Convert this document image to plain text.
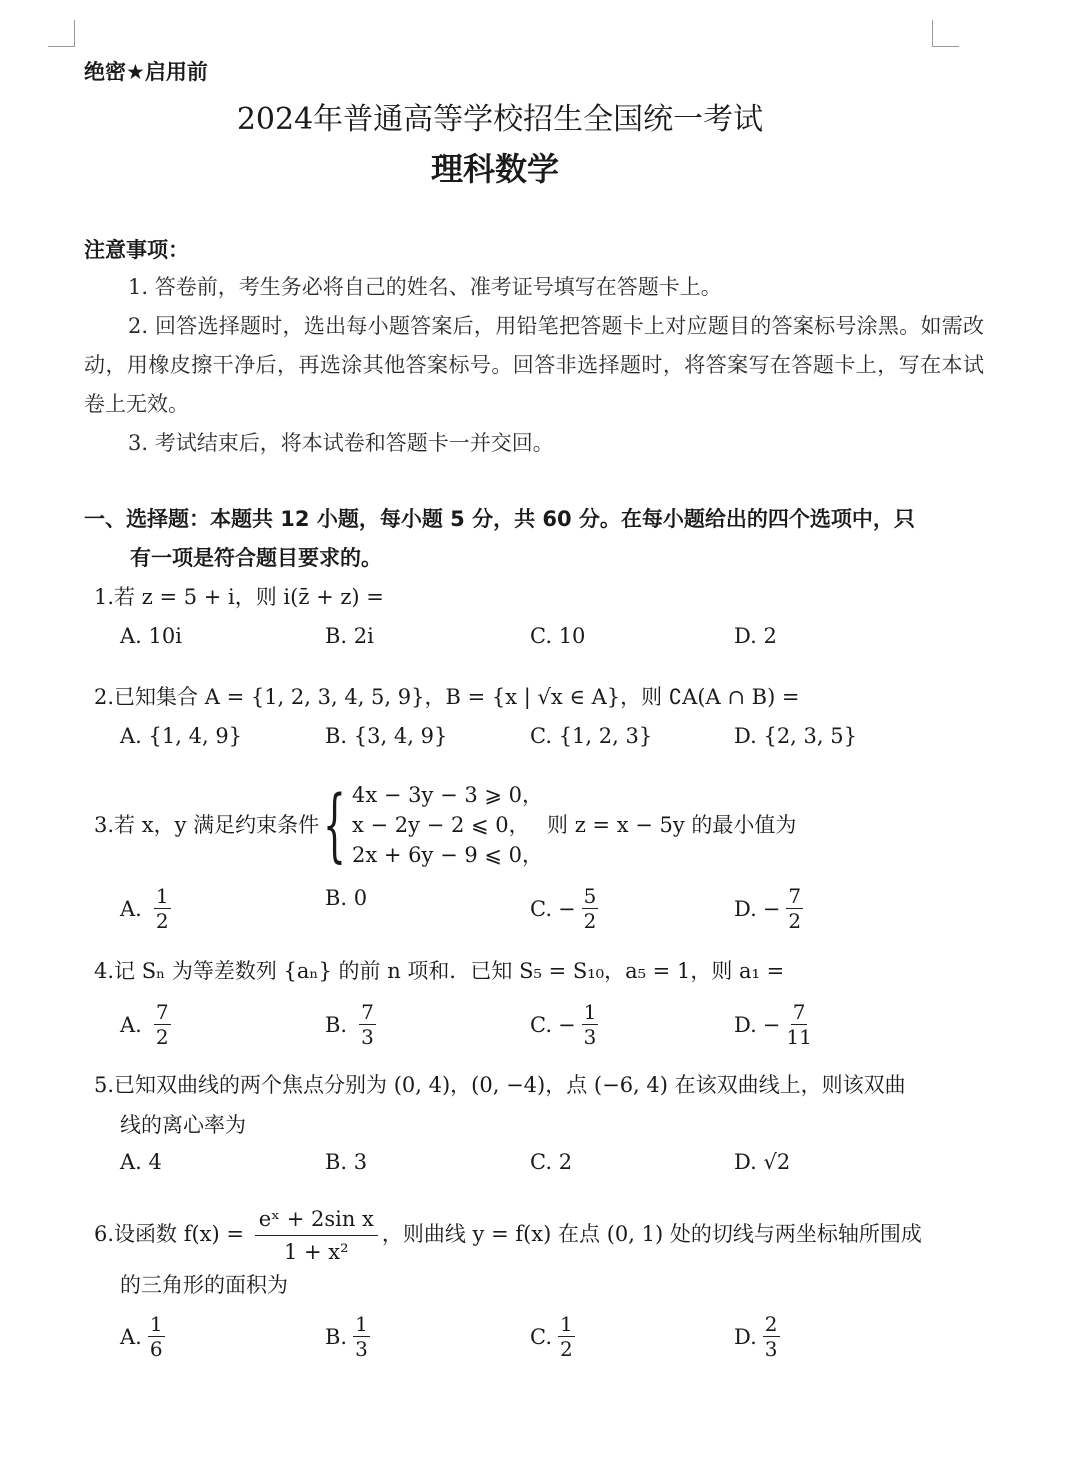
绝密★启用前
2024年普通高等学校招生全国统一考试
理科数学
注意事项：
1. 答卷前，考生务必将自己的姓名、准考证号填写在答题卡上。
2. 回答选择题时，选出每小题答案后，用铅笔把答题卡上对应题目的答案标号涂黑。如需改动，用橡皮擦干净后，再选涂其他答案标号。回答非选择题时，将答案写在答题卡上，写在本试卷上无效。
3. 考试结束后，将本试卷和答题卡一并交回。
一、选择题：本题共 12 小题，每小题 5 分，共 60 分。在每小题给出的四个选项中，只
有一项是符合题目要求的。
1.若 z = 5 + i，则 i(z̄ + z) =
A.
10i	B.
2i	C.
10	D.
2
2.已知集合 A = {1, 2, 3, 4, 5, 9}，B = {x | √x ∈ A}，则 ∁A(A ∩ B) =
A.
{1, 4, 9}	B.
{3, 4, 9}	C.
{1, 2, 3}	D.
{2, 3, 5}
3. 若 x，y 满足约束条件 { 4x − 3y − 3 ⩾ 0，
x − 2y − 2 ⩽ 0，
2x + 6y − 9 ⩽ 0，
则 z = x − 5y 的最小值为
A. $\frac{1}{2}$	B.
0	C. − $\frac{5}{2}$	D. − $\frac{7}{2}$
4.记 Sₙ 为等差数列 {aₙ} 的前 n 项和．已知 S₅ = S₁₀，a₅ = 1，则 a₁ =
A. $\frac{7}{2}$	B. $\frac{7}{3}$	C. − $\frac{1}{3}$	D. − $\frac{7}{11}$
5.已知双曲线的两个焦点分别为 (0, 4)，(0, −4)，点 (−6, 4) 在该双曲线上，则该双曲
线的离心率为
A.
4	B.
3	C.
2	D.
√2
6.设函数 $f(x) = \frac{\text{eˣ + 2sin x}}{\text{1 + x²}}$ ，则曲线 y = f(x) 在点 (0, 1) 处的切线与两坐标轴所围成
的三角形的面积为
A. $\frac{1}{6}$	B. $\frac{1}{3}$	C. $\frac{1}{2}$	D. $\frac{2}{3}$
